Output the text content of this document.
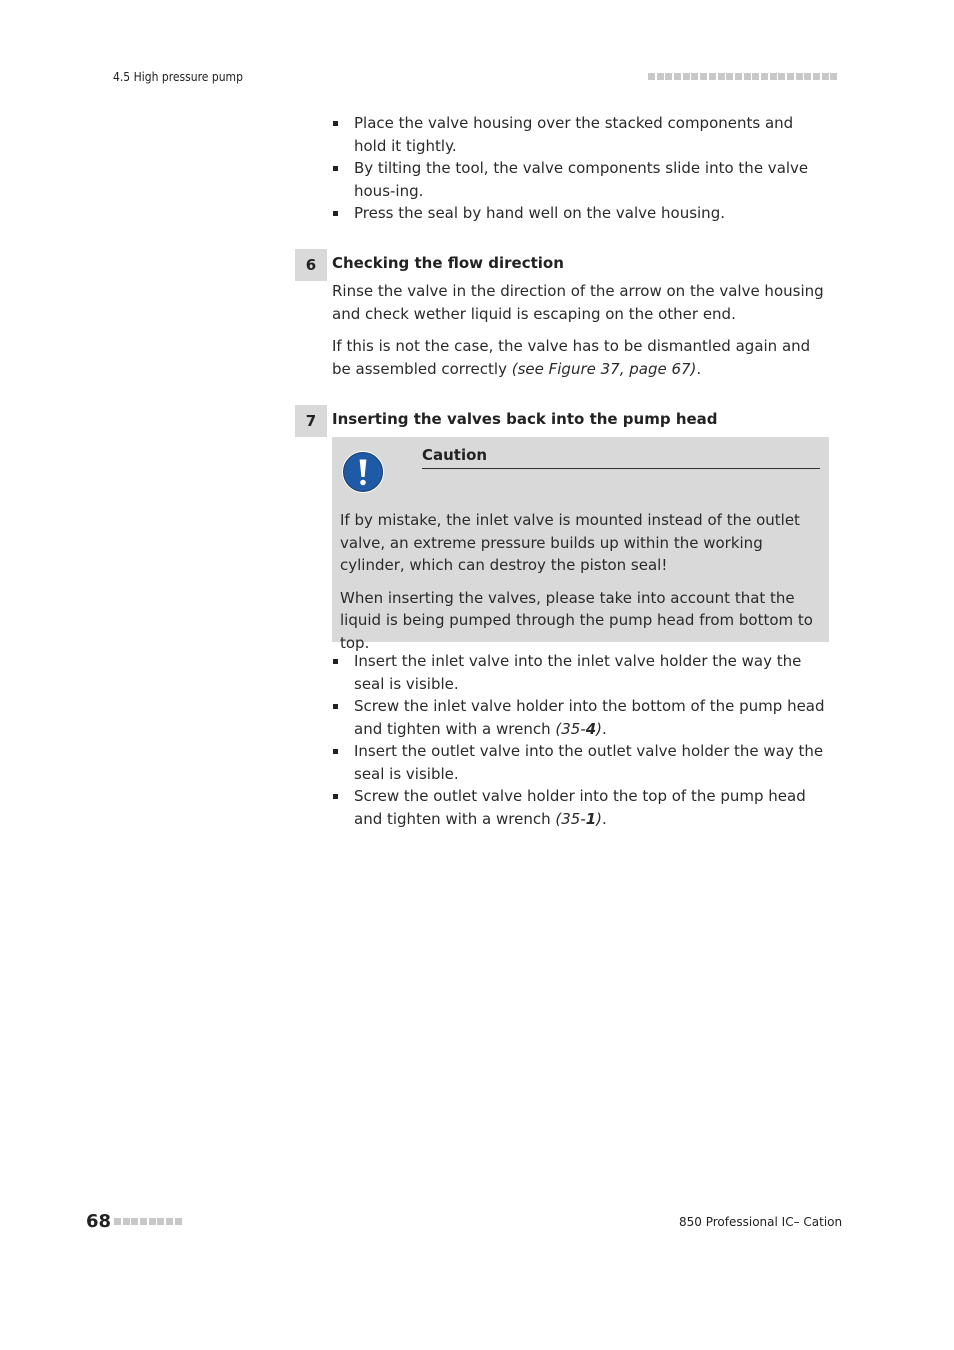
4.5 High pressure pump
Place the valve housing over the stacked components and hold it tightly.
By tilting the tool, the valve components slide into the valve hous-ing.
Press the seal by hand well on the valve housing.
6	Checking the flow direction

Rinse the valve in the direction of the arrow on the valve housing and check wether liquid is escaping on the other end.

If this is not the case, the valve has to be dismantled again and be assembled correctly (see Figure 37, page 67).

7	Inserting the valves back into the pump head
Caution

If by mistake, the inlet valve is mounted instead of the outlet valve, an extreme pressure builds up within the working cylinder, which can destroy the piston seal!

When inserting the valves, please take into account that the liquid is being pumped through the pump head from bottom to top.

Insert the inlet valve into the inlet valve holder the way the seal is visible.
Screw the inlet valve holder into the bottom of the pump head and tighten with a wrench (35-4).
Insert the outlet valve into the outlet valve holder the way the seal is visible.
Screw the outlet valve holder into the top of the pump head and tighten with a wrench (35-1).
68	850 Professional IC– Cation
